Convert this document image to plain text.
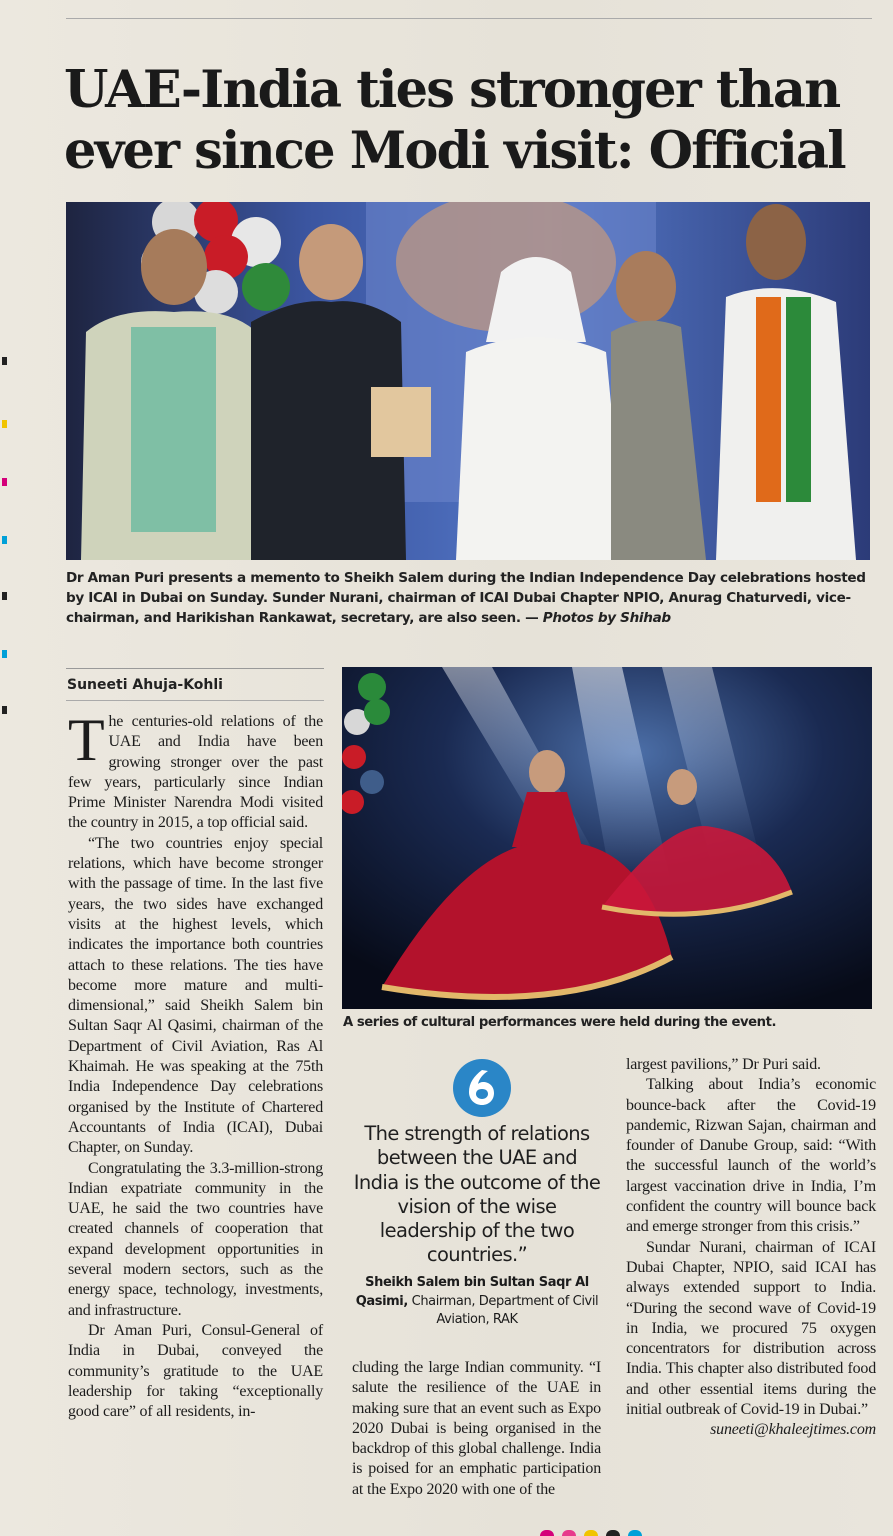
UAE-India ties stronger than ever since Modi visit: Official
Dr Aman Puri presents a memento to Sheikh Salem during the Indian Independence Day celebrations hosted by ICAI in Dubai on Sunday. Sunder Nurani, chairman of ICAI Dubai Chapter NPIO, Anurag Chaturvedi, vice-chairman, and Harikishan Rankawat, secretary, are also seen. — Photos by Shihab
Suneeti Ahuja-Kohli
A series of cultural performances were held during the event.

The centuries-old relations of the UAE and India have been growing stronger over the past few years, particularly since Indian Prime Minister Narendra Modi visited the country in 2015, a top official said.

“The two countries enjoy special relations, which have become stronger with the passage of time. In the last five years, the two sides have exchanged visits at the highest levels, which indicates the importance both countries attach to these relations. The ties have become more mature and multi-dimensional,” said Sheikh Salem bin Sultan Saqr Al Qasimi, chairman of the Department of Civil Aviation, Ras Al Khaimah. He was speaking at the 75th India Independence Day celebrations organised by the Institute of Chartered Accountants of India (ICAI), Dubai Chapter, on Sunday.

Congratulating the 3.3-million-strong Indian expatriate community in the UAE, he said the two countries have created channels of cooperation that expand development opportunities in several modern sectors, such as the energy space, technology, investments, and infrastructure.

Dr Aman Puri, Consul-General of India in Dubai, conveyed the community’s gratitude to the UAE leadership for taking “exceptionally good care” of all residents, in-

The strength of relations between the UAE and India is the outcome of the vision of the wise leadership of the two countries.”
Sheikh Salem bin Sultan Saqr Al Qasimi, Chairman, Department of Civil Aviation, RAK

cluding the large Indian community. “I salute the resilience of the UAE in making sure that an event such as Expo 2020 Dubai is being organised in the backdrop of this global challenge. India is poised for an emphatic participation at the Expo 2020 with one of the

largest pavilions,” Dr Puri said.

Talking about India’s economic bounce-back after the Covid-19 pandemic, Rizwan Sajan, chairman and founder of Danube Group, said: “With the successful launch of the world’s largest vaccination drive in India, I’m confident the country will bounce back and emerge stronger from this crisis.”

Sundar Nurani, chairman of ICAI Dubai Chapter, NPIO, said ICAI has always extended support to India. “During the second wave of Covid-19 in India, we procured 75 oxygen concentrators for distribution across India. This chapter also distributed food and other essential items during the initial outbreak of Covid-19 in Dubai.”

suneeti@khaleejtimes.com
